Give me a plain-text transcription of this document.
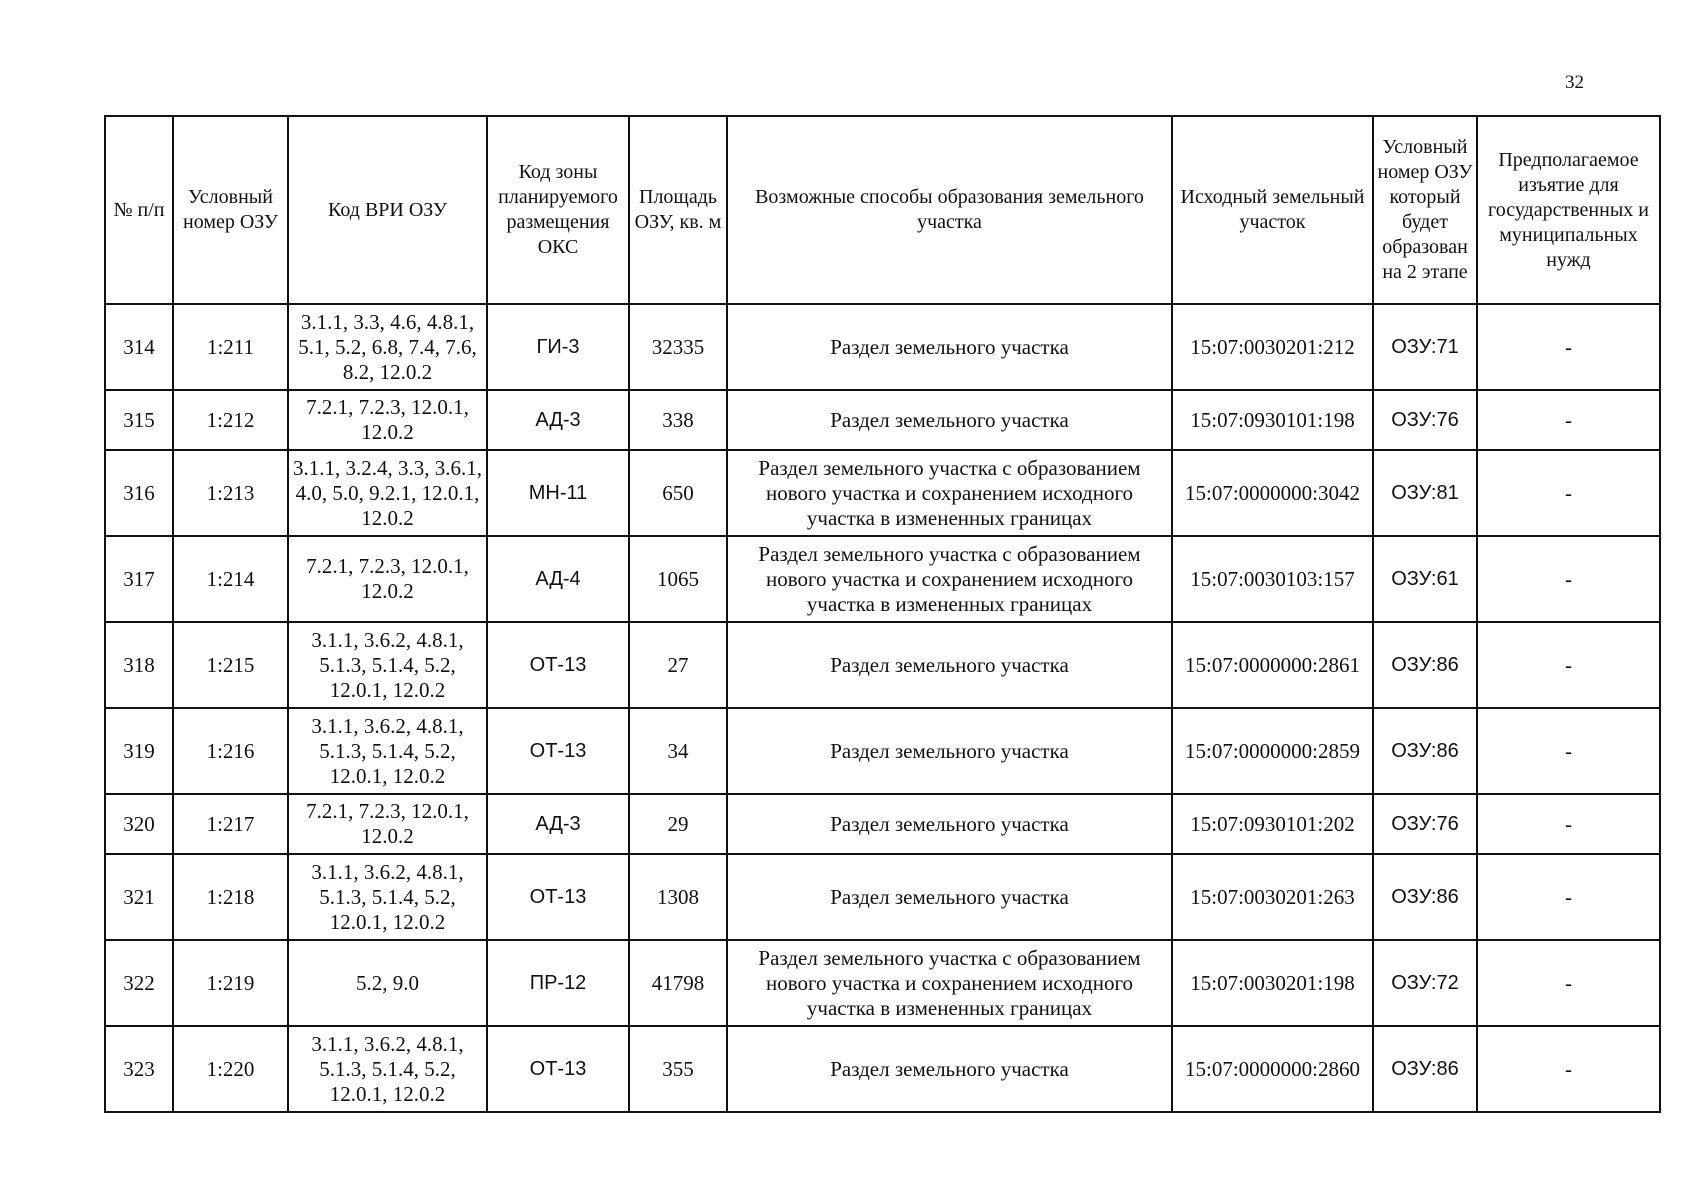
32
№ п/п	Условный номер ОЗУ	Код ВРИ ОЗУ	Код зоны планируемого размещения ОКС	Площадь ОЗУ, кв. м	Возможные способы образования земельного участка	Исходный земельный участок	Условный номер ОЗУ который будет образован на 2 этапе	Предполагаемое изъятие для государственных и муниципальных нужд
314	1:211	3.1.1, 3.3, 4.6, 4.8.1, 5.1, 5.2, 6.8, 7.4, 7.6, 8.2, 12.0.2	ГИ-3	32335	Раздел земельного участка	15:07:0030201:212	ОЗУ:71	-
315	1:212	7.2.1, 7.2.3, 12.0.1, 12.0.2	АД-3	338	Раздел земельного участка	15:07:0930101:198	ОЗУ:76	-
316	1:213	3.1.1, 3.2.4, 3.3, 3.6.1, 4.0, 5.0, 9.2.1, 12.0.1, 12.0.2	МН-11	650	Раздел земельного участка с образованием нового участка и сохранением исходного участка в измененных границах	15:07:0000000:3042	ОЗУ:81	-
317	1:214	7.2.1, 7.2.3, 12.0.1, 12.0.2	АД-4	1065	Раздел земельного участка с образованием нового участка и сохранением исходного участка в измененных границах	15:07:0030103:157	ОЗУ:61	-
318	1:215	3.1.1, 3.6.2, 4.8.1, 5.1.3, 5.1.4, 5.2, 12.0.1, 12.0.2	ОТ-13	27	Раздел земельного участка	15:07:0000000:2861	ОЗУ:86	-
319	1:216	3.1.1, 3.6.2, 4.8.1, 5.1.3, 5.1.4, 5.2, 12.0.1, 12.0.2	ОТ-13	34	Раздел земельного участка	15:07:0000000:2859	ОЗУ:86	-
320	1:217	7.2.1, 7.2.3, 12.0.1, 12.0.2	АД-3	29	Раздел земельного участка	15:07:0930101:202	ОЗУ:76	-
321	1:218	3.1.1, 3.6.2, 4.8.1, 5.1.3, 5.1.4, 5.2, 12.0.1, 12.0.2	ОТ-13	1308	Раздел земельного участка	15:07:0030201:263	ОЗУ:86	-
322	1:219	5.2, 9.0	ПР-12	41798	Раздел земельного участка с образованием нового участка и сохранением исходного участка в измененных границах	15:07:0030201:198	ОЗУ:72	-
323	1:220	3.1.1, 3.6.2, 4.8.1, 5.1.3, 5.1.4, 5.2, 12.0.1, 12.0.2	ОТ-13	355	Раздел земельного участка	15:07:0000000:2860	ОЗУ:86	-
